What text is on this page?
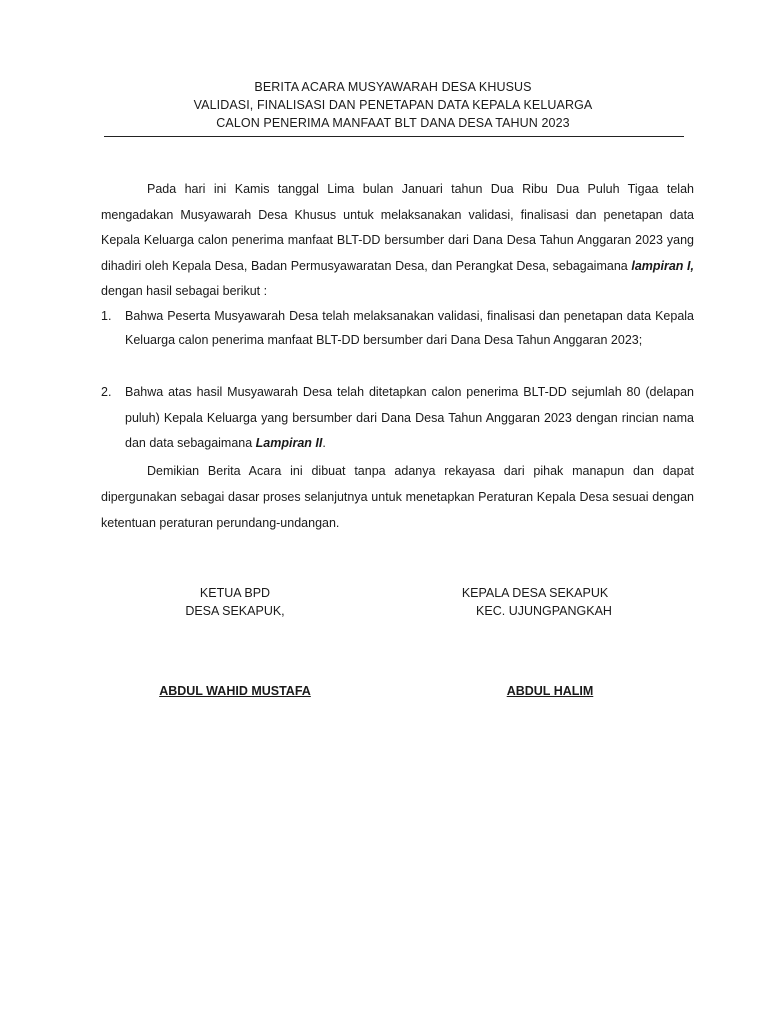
BERITA ACARA MUSYAWARAH DESA KHUSUS
VALIDASI, FINALISASI DAN PENETAPAN DATA KEPALA KELUARGA
CALON PENERIMA MANFAAT BLT DANA DESA TAHUN 2023
Pada hari ini Kamis tanggal Lima bulan Januari tahun Dua Ribu Dua Puluh Tigaa telah mengadakan Musyawarah Desa Khusus untuk melaksanakan validasi, finalisasi dan penetapan data Kepala Keluarga calon penerima manfaat BLT-DD bersumber dari Dana Desa Tahun Anggaran 2023 yang dihadiri oleh Kepala Desa, Badan Permusyawaratan Desa, dan Perangkat Desa, sebagaimana lampiran I, dengan hasil sebagai berikut :
1.	Bahwa Peserta Musyawarah Desa telah melaksanakan validasi, finalisasi dan penetapan data Kepala Keluarga calon penerima manfaat BLT-DD bersumber dari Dana Desa Tahun Anggaran 2023;
2.	Bahwa atas hasil Musyawarah Desa telah ditetapkan calon penerima BLT-DD sejumlah 80 (delapan puluh) Kepala Keluarga yang bersumber dari Dana Desa Tahun Anggaran 2023 dengan rincian nama dan data sebagaimana Lampiran II.
Demikian Berita Acara ini dibuat tanpa adanya rekayasa dari pihak manapun dan dapat dipergunakan sebagai dasar proses selanjutnya untuk menetapkan Peraturan Kepala Desa sesuai dengan ketentuan peraturan perundang-undangan.
KETUA BPD
DESA SEKAPUK,
KEPALA DESA SEKAPUK
KEC. UJUNGPANGKAH
ABDUL WAHID MUSTAFA	ABDUL HALIM
